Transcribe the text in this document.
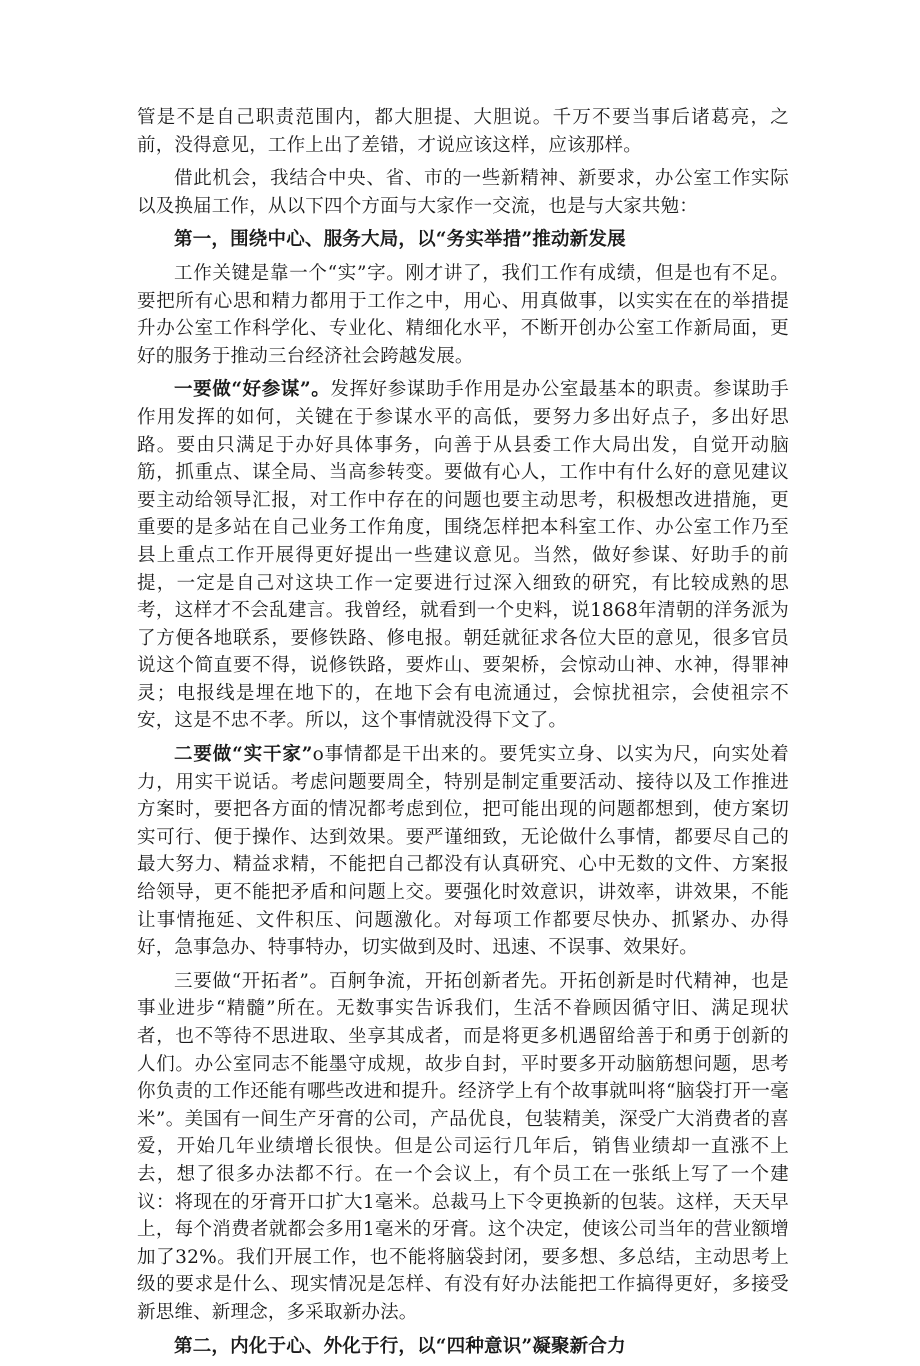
管是不是自己职责范围内，都大胆提、大胆说。千万不要当事后诸葛亮，之前，没得意见，工作上出了差错，才说应该这样，应该那样。

借此机会，我结合中央、省、市的一些新精神、新要求，办公室工作实际以及换届工作，从以下四个方面与大家作一交流，也是与大家共勉：

第一，围绕中心、服务大局，以“务实举措”推动新发展

工作关键是靠一个“实”字。刚才讲了，我们工作有成绩，但是也有不足。要把所有心思和精力都用于工作之中，用心、用真做事，以实实在在的举措提升办公室工作科学化、专业化、精细化水平，不断开创办公室工作新局面，更好的服务于推动三台经济社会跨越发展。

一要做“好参谋”。发挥好参谋助手作用是办公室最基本的职责。参谋助手作用发挥的如何，关键在于参谋水平的高低，要努力多出好点子，多出好思路。要由只满足于办好具体事务，向善于从县委工作大局出发，自觉开动脑筋，抓重点、谋全局、当高参转变。要做有心人，工作中有什么好的意见建议要主动给领导汇报，对工作中存在的问题也要主动思考，积极想改进措施，更重要的是多站在自己业务工作角度，围绕怎样把本科室工作、办公室工作乃至县上重点工作开展得更好提出一些建议意见。当然，做好参谋、好助手的前提，一定是自己对这块工作一定要进行过深入细致的研究，有比较成熟的思考，这样才不会乱建言。我曾经，就看到一个史料，说1868年清朝的洋务派为了方便各地联系，要修铁路、修电报。朝廷就征求各位大臣的意见，很多官员说这个简直要不得，说修铁路，要炸山、要架桥，会惊动山神、水神，得罪神灵；电报线是埋在地下的，在地下会有电流通过，会惊扰祖宗，会使祖宗不安，这是不忠不孝。所以，这个事情就没得下文了。

二要做“实干家”o事情都是干出来的。要凭实立身、以实为尺，向实处着力，用实干说话。考虑问题要周全，特别是制定重要活动、接待以及工作推进方案时，要把各方面的情况都考虑到位，把可能出现的问题都想到，使方案切实可行、便于操作、达到效果。要严谨细致，无论做什么事情，都要尽自己的最大努力、精益求精，不能把自己都没有认真研究、心中无数的文件、方案报给领导，更不能把矛盾和问题上交。要强化时效意识，讲效率，讲效果，不能让事情拖延、文件积压、问题激化。对每项工作都要尽快办、抓紧办、办得好，急事急办、特事特办，切实做到及时、迅速、不误事、效果好。

三要做“开拓者”。百舸争流，开拓创新者先。开拓创新是时代精神，也是事业进步“精髓”所在。无数事实告诉我们，生活不眷顾因循守旧、满足现状者，也不等待不思进取、坐享其成者，而是将更多机遇留给善于和勇于创新的人们。办公室同志不能墨守成规，故步自封，平时要多开动脑筋想问题，思考你负责的工作还能有哪些改进和提升。经济学上有个故事就叫将“脑袋打开一毫米”。美国有一间生产牙膏的公司，产品优良，包装精美，深受广大消费者的喜爱，开始几年业绩增长很快。但是公司运行几年后，销售业绩却一直涨不上去，想了很多办法都不行。在一个会议上，有个员工在一张纸上写了一个建议：将现在的牙膏开口扩大1毫米。总裁马上下令更换新的包装。这样，天天早上，每个消费者就都会多用1毫米的牙膏。这个决定，使该公司当年的营业额增加了32%。我们开展工作，也不能将脑袋封闭，要多想、多总结，主动思考上级的要求是什么、现实情况是怎样、有没有好办法能把工作搞得更好，多接受新思维、新理念，多采取新办法。

第二，内化于心、外化于行，以“四种意识”凝聚新合力
